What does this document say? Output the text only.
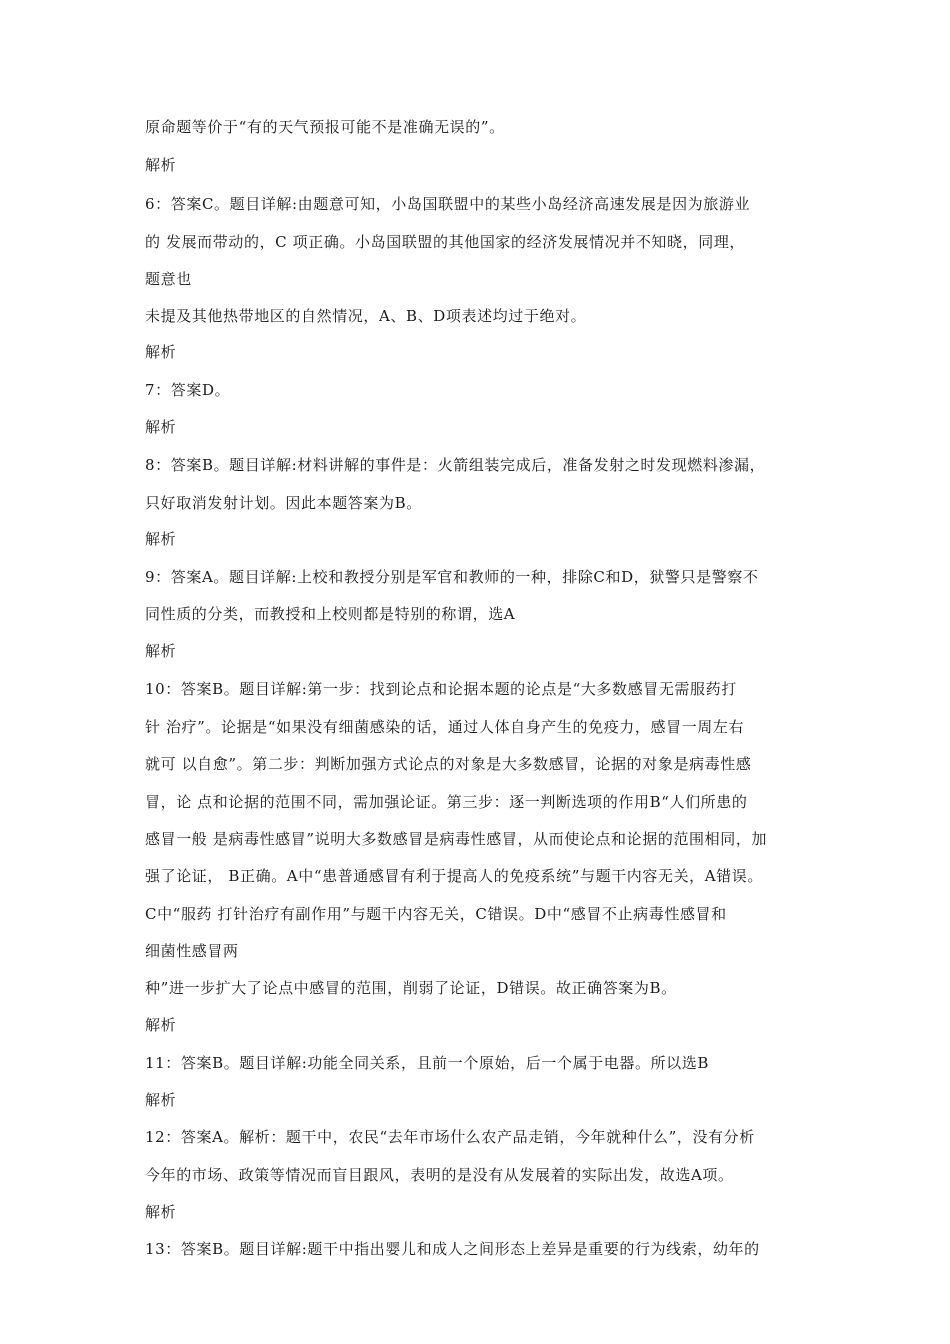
原命题等价于“有的天气预报可能不是准确无误的”。
解析
6：答案C。题目详解:由题意可知，小岛国联盟中的某些小岛经济高速发展是因为旅游业
的 发展而带动的，C 项正确。小岛国联盟的其他国家的经济发展情况并不知晓，同理，
题意也
未提及其他热带地区的自然情况，A、B、D项表述均过于绝对。
解析
7：答案D。
解析
8：答案B。题目详解:材料讲解的事件是：火箭组装完成后，准备发射之时发现燃料渗漏，
只好取消发射计划。因此本题答案为B。
解析
9：答案A。题目详解:上校和教授分别是军官和教师的一种，排除C和D，狱警只是警察不
同性质的分类，而教授和上校则都是特别的称谓，选A
解析
10：答案B。题目详解:第一步：找到论点和论据本题的论点是“大多数感冒无需服药打
针 治疗”。论据是“如果没有细菌感染的话，通过人体自身产生的免疫力，感冒一周左右
就可 以自愈”。第二步：判断加强方式论点的对象是大多数感冒，论据的对象是病毒性感
冒，论 点和论据的范围不同，需加强论证。第三步：逐一判断选项的作用B“人们所患的
感冒一般 是病毒性感冒”说明大多数感冒是病毒性感冒，从而使论点和论据的范围相同，加
强了论证， B正确。A中“患普通感冒有利于提高人的免疫系统”与题干内容无关，A错误。
C中“服药 打针治疗有副作用”与题干内容无关，C错误。D中“感冒不止病毒性感冒和
细菌性感冒两
种”进一步扩大了论点中感冒的范围，削弱了论证，D错误。故正确答案为B。
解析
11：答案B。题目详解:功能全同关系，且前一个原始，后一个属于电器。所以选B
解析
12：答案A。解析：题干中，农民“去年市场什么农产品走销，今年就种什么”，没有分析
今年的市场、政策等情况而盲目跟风，表明的是没有从发展着的实际出发，故选A项。
解析
13：答案B。题目详解:题干中指出婴儿和成人之间形态上差异是重要的行为线索，幼年的
